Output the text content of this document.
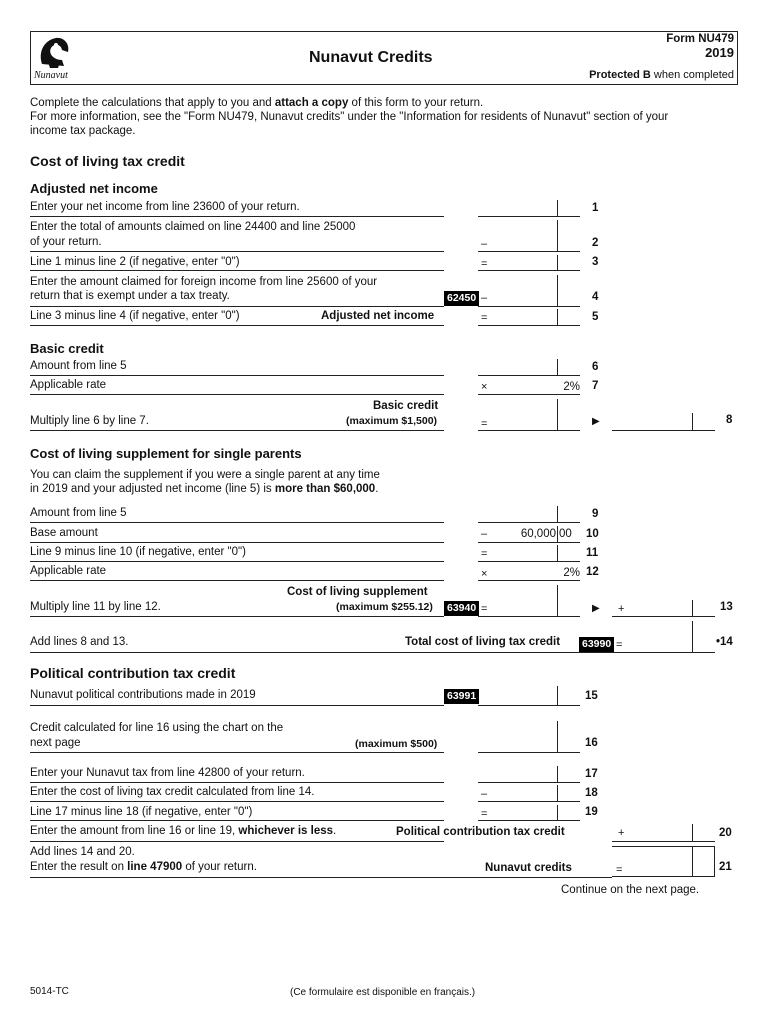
Nunavut
Nunavut Credits
Form NU479
2019
Protected B when completed
Complete the calculations that apply to you and attach a copy of this form to your return.
For more information, see the "Form NU479, Nunavut credits" under the "Information for residents of Nunavut" section of your
income tax package.
Cost of living tax credit
Adjusted net income
Enter your net income from line 23600 of your return.	1
Enter the total of amounts claimed on line 24400 and line 25000
of your return.	–	2
Line 1 minus line 2 (if negative, enter "0")	=	3
Enter the amount claimed for foreign income from line 25600 of your
return that is exempt under a tax treaty.	62450 –	4
Line 3 minus line 4 (if negative, enter "0")	Adjusted net income	=	5
Basic credit
Amount from line 5	6
Applicable rate	×	2% 7
Basic credit
(maximum $1,500)
Multiply line 6 by line 7.	=	▶	8
Cost of living supplement for single parents
You can claim the supplement if you were a single parent at any time
in 2019 and your adjusted net income (line 5) is more than $60,000.
Amount from line 5	9
Base amount	–	60,000 00 10
Line 9 minus line 10 (if negative, enter "0")	=	11
Applicable rate	×	2% 12
Cost of living supplement
(maximum $255.12) 63940
Multiply line 11 by line 12.	=	▶ +	13
Add lines 8 and 13.	Total cost of living tax credit 63990 =	•14
Political contribution tax credit
Nunavut political contributions made in 2019	63991	15
Credit calculated for line 16 using the chart on the
next page	(maximum $500)	16
Enter your Nunavut tax from line 42800 of your return.	17
Enter the cost of living tax credit calculated from line 14.	–	18
Line 17 minus line 18 (if negative, enter "0")	=	19
Enter the amount from line 16 or line 19, whichever is less.	Political contribution tax credit	+	20
Add lines 14 and 20.
Enter the result on line 47900 of your return.	Nunavut credits	=	21
Continue on the next page.
5014-TC	(Ce formulaire est disponible en français.)
